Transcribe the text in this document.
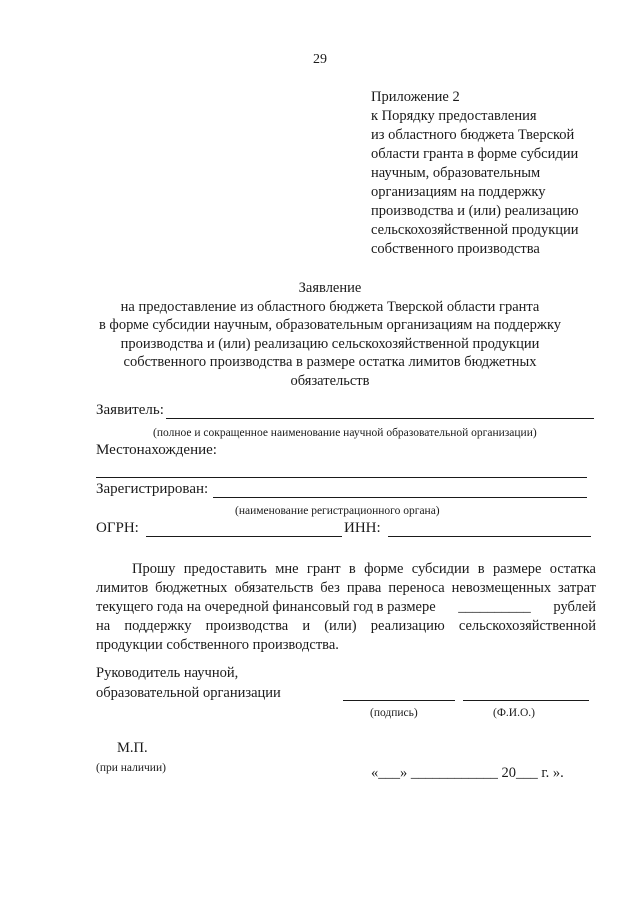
29
Приложение 2
к Порядку предоставления
из областного бюджета Тверской
области гранта в форме субсидии
научным, образовательным
организациям на поддержку
производства и (или) реализацию
сельскохозяйственной продукции
собственного производства
Заявление
на предоставление из областного бюджета Тверской области гранта
в форме субсидии научным, образовательным организациям на поддержку
производства и (или) реализацию сельскохозяйственной продукции
собственного производства в размере остатка лимитов бюджетных
обязательств
Заявитель:
(полное и сокращенное наименование научной образовательной организации)
Местонахождение:
Зарегистрирован:
(наименование регистрационного органа)
ОГРН:	ИНН:
Прошу предоставить мне грант в форме субсидии в размере остатка
лимитов бюджетных обязательств без права переноса невозмещенных затрат
текущего года на очередной финансовый год в размере __________ рублей
на поддержку производства и (или) реализацию сельскохозяйственной
продукции собственного производства.
Руководитель научной,
образовательной организации
(подпись)	(Ф.И.О.)
М.П.
(при наличии)	«___» ____________ 20___ г. ».
